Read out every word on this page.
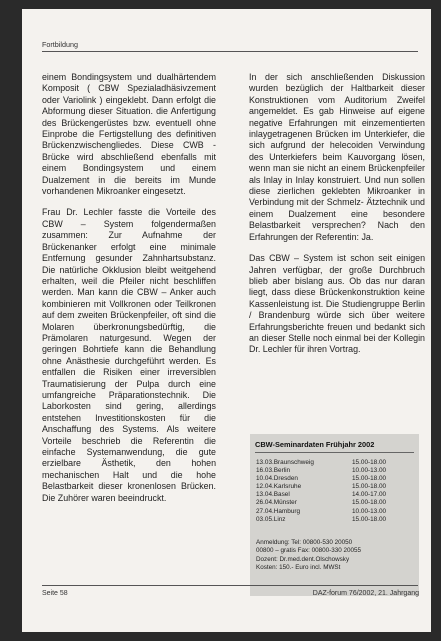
Fortbildung

einem Bondingsystem und dualhärtendem Komposit ( CBW Spezialadhäsivzement oder Variolink ) eingeklebt. Dann erfolgt die Abformung dieser Situation. die Anfertigung des Brückengerüstes bzw. eventuell ohne Einprobe die Fertigstellung des definitiven Brückenzwischengliedes. Diese CWB - Brücke wird abschließend ebenfalls mit einem Bondingsystem und einem Dualzement in die bereits im Munde vorhandenen Mikroanker eingesetzt.

Frau Dr. Lechler fasste die Vorteile des CBW – System folgendermaßen zusammen: Zur Aufnahme der Brückenanker erfolgt eine minimale Entfernung gesunder Zahnhartsubstanz. Die natürliche Okklusion bleibt weitgehend erhalten, weil die Pfeiler nicht beschliffen werden. Man kann die CBW – Anker auch kombinieren mit Vollkronen oder Teilkronen auf dem zweiten Brückenpfeiler, oft sind die Molaren überkronungsbedürftig, die Prämolaren naturgesund. Wegen der geringen Bohrtiefe kann die Behandlung ohne Anästhesie durchgeführt werden. Es entfallen die Risiken einer irreversiblen Traumatisierung der Pulpa durch eine umfangreiche Präparationstechnik. Die Laborkosten sind gering, allerdings entstehen Investitionskosten für die Anschaffung des Systems. Als weitere Vorteile beschrieb die Referentin die einfache Systemanwendung, die gute erzielbare Ästhetik, den hohen mechanischen Halt und die hohe Belastbarkeit dieser kronenlosen Brücken. Die Zuhörer waren beeindruckt.

In der sich anschließenden Diskussion wurden bezüglich der Haltbarkeit dieser Konstruktionen vom Auditorium Zweifel angemeldet. Es gab Hinweise auf eigene negative Erfahrungen mit einzementierten inlaygetragenen Brücken im Unterkiefer, die sich aufgrund der helecoiden Verwindung des Unterkiefers beim Kauvorgang lösen, wenn man sie nicht an einem Brückenpfeiler als Inlay in Inlay konstruiert. Und nun sollen diese zierlichen geklebten Mikroanker in Verbindung mit der Schmelz- Ätztechnik und einem Dualzement eine besondere Belastbarkeit versprechen? Nach den Erfahrungen der Referentin: Ja.

Das CBW – System ist schon seit einigen Jahren verfügbar, der große Durchbruch blieb aber bislang aus. Ob das nur daran liegt, dass diese Brückenkonstruktion keine Kassenleistung ist. Die Studiengruppe Berlin / Brandenburg würde sich über weitere Erfahrungsberichte freuen und bedankt sich an dieser Stelle noch einmal bei der Kollegin Dr. Lechler für ihren Vortrag.

CBW-Seminardaten Frühjahr 2002
13.03.Braunschweig	15.00-18.00
16.03.Berlin	10.00-13.00
10.04.Dresden	15.00-18.00
12.04.Karlsruhe	15.00-18.00
13.04.Basel	14.00-17.00
26.04.Münster	15.00-18.00
27.04.Hamburg	10.00-13.00
03.05.Linz	15.00-18.00
Anmeldung: Tel: 00800-530 20050
00800 – gratis Fax: 00800-330 20055
Dozent: Dr.med.dent.Olschowsky
Kosten: 150.- Euro incl. MWSt
Seite 58	DAZ-forum 76/2002, 21. Jahrgang
